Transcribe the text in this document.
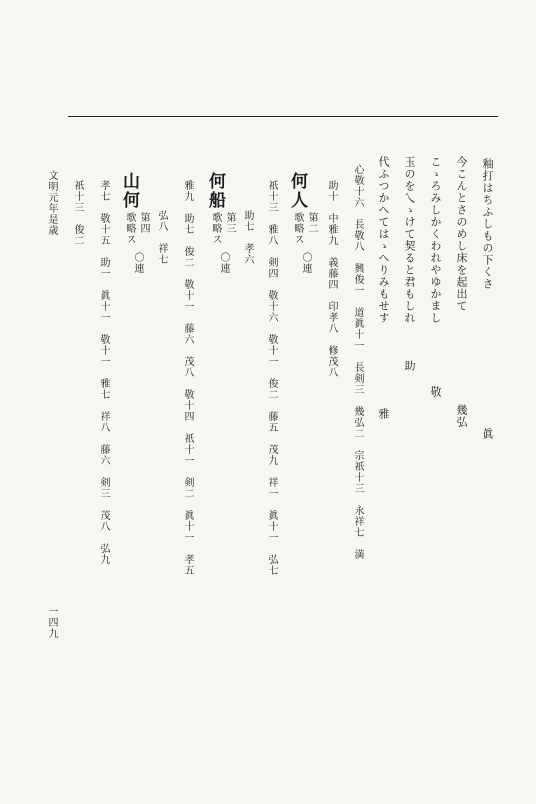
釉打はちふしもの下くさ
眞
今こんとさのめし床を起出て
幾弘
こゝろみしかくわれやゆかまし
敬
玉のを乀ゝけて契ると君もしれ
助
代ふつかへてはゝへりみもせす
雅
心敬十六　長敬八　興俊一　道眞十一　長剣三　幾弘二　宗祇十三　永祥七　満
助十　中雅九　義藤四　印孝八　修茂八
何人
第二
歌略ス
〇連
祇十三　雅八　剣四　敬十六　敬十一　俊二　藤五　茂九　祥一　眞十一　弘七
助七　孝六
何船
第三
歌略ス
〇連
雅九　助七　俊二　敬十一　藤六　茂八　敬十四　祇十一　剣二　眞十一　孝五
弘八　祥七
山何
第四
歌略ス
〇連
孝七　敬十五　助一　眞十一　敬十一　雅七　祥八　藤六　剣三　茂八　弘九
祇十三　俊二
文明元年是歳
一四九
